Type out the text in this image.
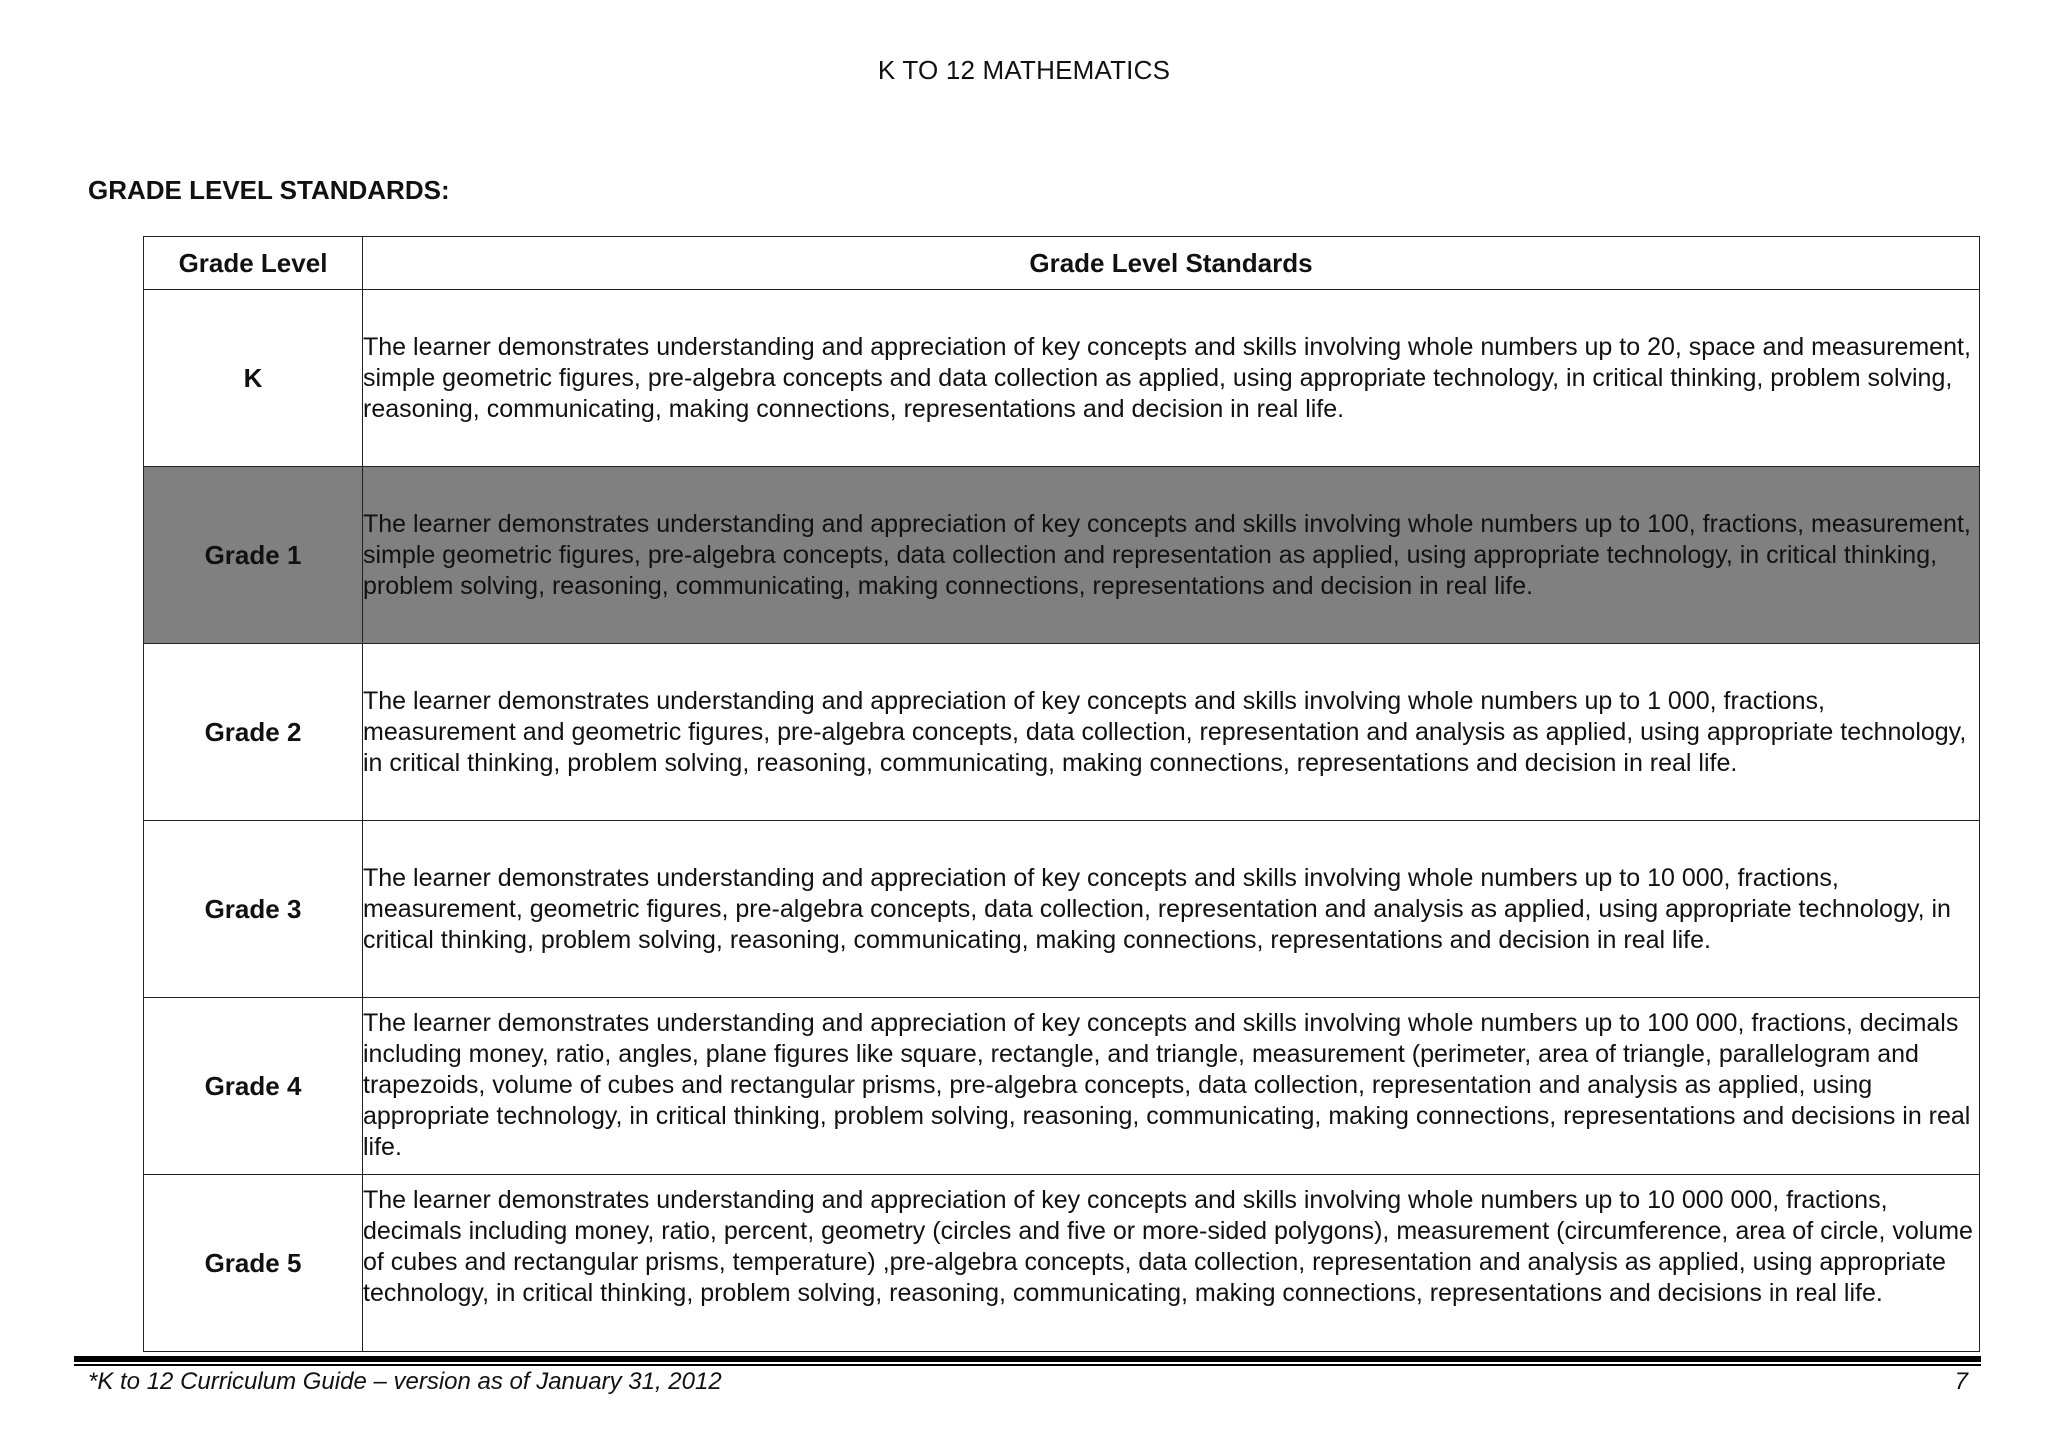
K TO 12 MATHEMATICS
GRADE LEVEL STANDARDS:
Grade Level	Grade Level Standards
K	The learner demonstrates understanding and appreciation of key concepts and skills involving whole numbers up to 20, space and measurement, simple geometric figures, pre-algebra concepts and data collection as applied, using appropriate technology, in critical thinking, problem solving, reasoning, communicating, making connections, representations and decision in real life.
Grade 1	The learner demonstrates understanding and appreciation of key concepts and skills involving whole numbers up to 100, fractions, measurement, simple geometric figures, pre-algebra concepts, data collection and representation as applied, using appropriate technology, in critical thinking, problem solving, reasoning, communicating, making connections, representations and decision in real life.
Grade 2	The learner demonstrates understanding and appreciation of key concepts and skills involving whole numbers up to 1 000, fractions, measurement and geometric figures, pre-algebra concepts, data collection, representation and analysis as applied, using appropriate technology, in critical thinking, problem solving, reasoning, communicating, making connections, representations and decision in real life.
Grade 3	The learner demonstrates understanding and appreciation of key concepts and skills involving whole numbers up to 10 000, fractions, measurement, geometric figures, pre-algebra concepts, data collection, representation and analysis as applied, using appropriate technology, in critical thinking, problem solving, reasoning, communicating, making connections, representations and decision in real life.
Grade 4	The learner demonstrates understanding and appreciation of key concepts and skills involving whole numbers up to 100 000, fractions, decimals including money, ratio, angles, plane figures like square, rectangle, and triangle, measurement (perimeter, area of triangle, parallelogram and trapezoids, volume of cubes and rectangular prisms, pre-algebra concepts, data collection, representation and analysis as applied, using appropriate technology, in critical thinking, problem solving, reasoning, communicating, making connections, representations and decisions in real life.
Grade 5	The learner demonstrates understanding and appreciation of key concepts and skills involving whole numbers up to 10 000 000, fractions, decimals including money, ratio, percent, geometry (circles and five or more-sided polygons), measurement (circumference, area of circle, volume of cubes and rectangular prisms, temperature) ,pre-algebra concepts, data collection, representation and analysis as applied, using appropriate technology, in critical thinking, problem solving, reasoning, communicating, making connections, representations and decisions in real life.
*K to 12 Curriculum Guide – version as of January 31, 2012	7
